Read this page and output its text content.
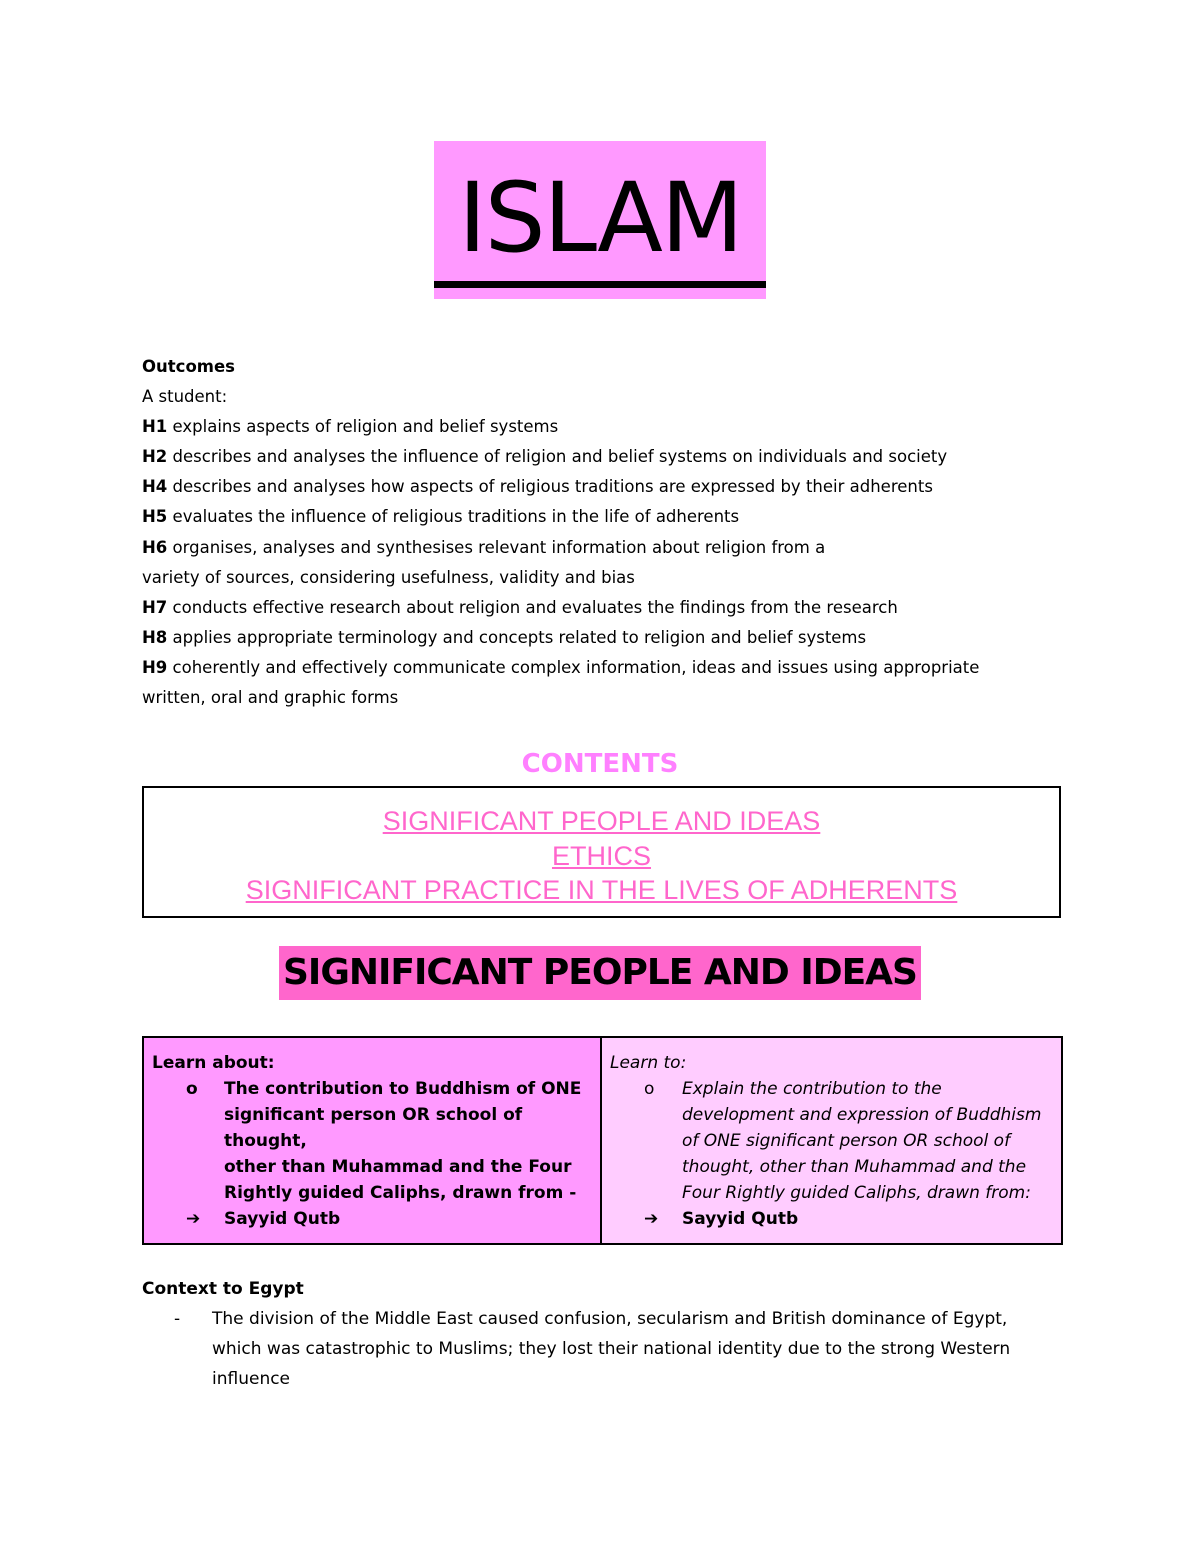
ISLAM
Outcomes
A student:
H1 explains aspects of religion and belief systems
H2 describes and analyses the influence of religion and belief systems on individuals and society
H4 describes and analyses how aspects of religious traditions are expressed by their adherents
H5 evaluates the influence of religious traditions in the life of adherents
H6 organises, analyses and synthesises relevant information about religion from a
variety of sources, considering usefulness, validity and bias
H7 conducts effective research about religion and evaluates the findings from the research
H8 applies appropriate terminology and concepts related to religion and belief systems
H9 coherently and effectively communicate complex information, ideas and issues using appropriate
written, oral and graphic forms
CONTENTS
SIGNIFICANT PEOPLE AND IDEAS
ETHICS
SIGNIFICANT PRACTICE IN THE LIVES OF ADHERENTS
SIGNIFICANT PEOPLE AND IDEAS
Learn about:
o	The contribution to Buddhism of ONE
significant person OR school of thought,
other than Muhammad and the Four
Rightly guided Caliphs, drawn from -
➔ Sayyid Qutb
Learn to:
o	Explain the contribution to the
development and expression of Buddhism
of ONE significant person OR school of
thought, other than Muhammad and the
Four Rightly guided Caliphs, drawn from:
➔ Sayyid Qutb
Context to Egypt
- The division of the Middle East caused confusion, secularism and British dominance of Egypt,
which was catastrophic to Muslims; they lost their national identity due to the strong Western
influence
